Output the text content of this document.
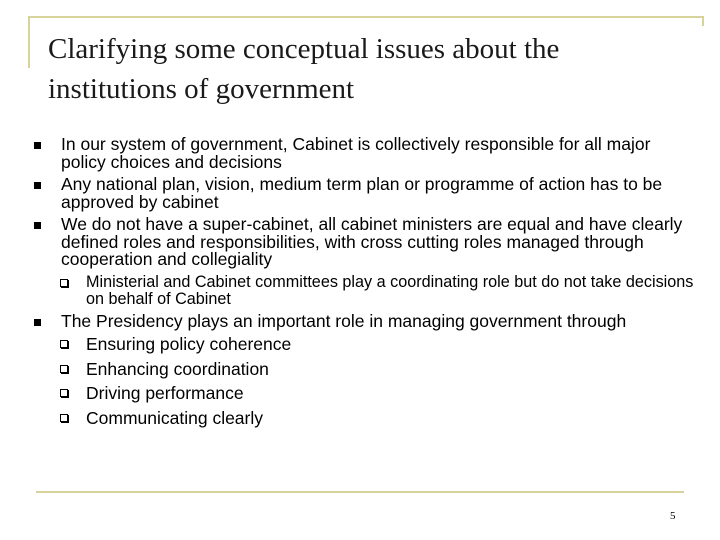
Clarifying some conceptual issues about the institutions of government
In our system of government, Cabinet is collectively responsible for all major policy choices and decisions
Any national plan, vision, medium term plan or programme of action has to be approved by cabinet
We do not have a super-cabinet, all cabinet ministers are equal and have clearly defined roles and responsibilities, with cross cutting roles managed through cooperation and collegiality
Ministerial and Cabinet committees play a coordinating role but do not take decisions on behalf of Cabinet
The Presidency plays an important role in managing government through
Ensuring policy coherence
Enhancing coordination
Driving performance
Communicating clearly
5
